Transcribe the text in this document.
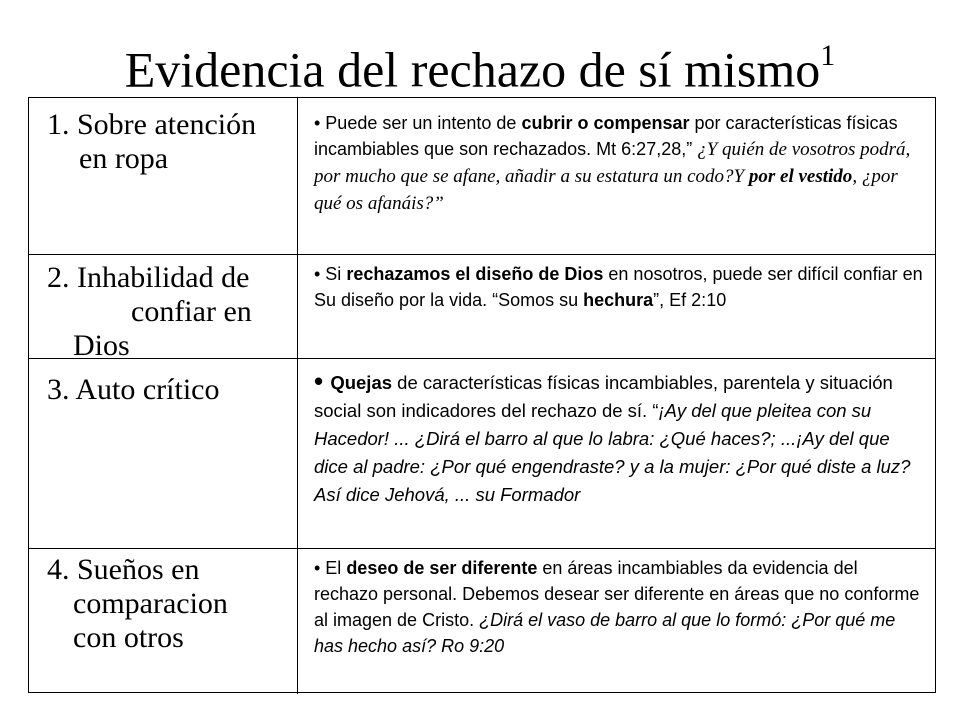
Evidencia del rechazo de sí mismo$^1$
1. Sobre atención
en ropa
• Puede ser un intento de cubrir o compensar por características físicas incambiables que son rechazados. Mt 6:27,28,” ¿Y quién de vosotros podrá, por mucho que se afane, añadir a su estatura un codo?Y por el vestido, ¿por qué os afanáis?”
2. Inhabilidad de
confiar en
Dios
• Si rechazamos el diseño de Dios en nosotros, puede ser difícil confiar en Su diseño por la vida. “Somos su hechura”, Ef 2:10
3. Auto crítico	• Quejas de características físicas incambiables, parentela y situación social son indicadores del rechazo de sí. “¡Ay del que pleitea con su Hacedor! ... ¿Dirá el barro al que lo labra: ¿Qué haces?; ...¡Ay del que dice al padre: ¿Por qué engendraste? y a la mujer: ¿Por qué diste a luz? Así dice Jehová, ... su Formador
4. Sueños en
comparacion
con otros
• El deseo de ser diferente en áreas incambiables da evidencia del rechazo personal. Debemos desear ser diferente en áreas que no conforme al imagen de Cristo. ¿Dirá el vaso de barro al que lo formó: ¿Por qué me has hecho así? Ro 9:20
